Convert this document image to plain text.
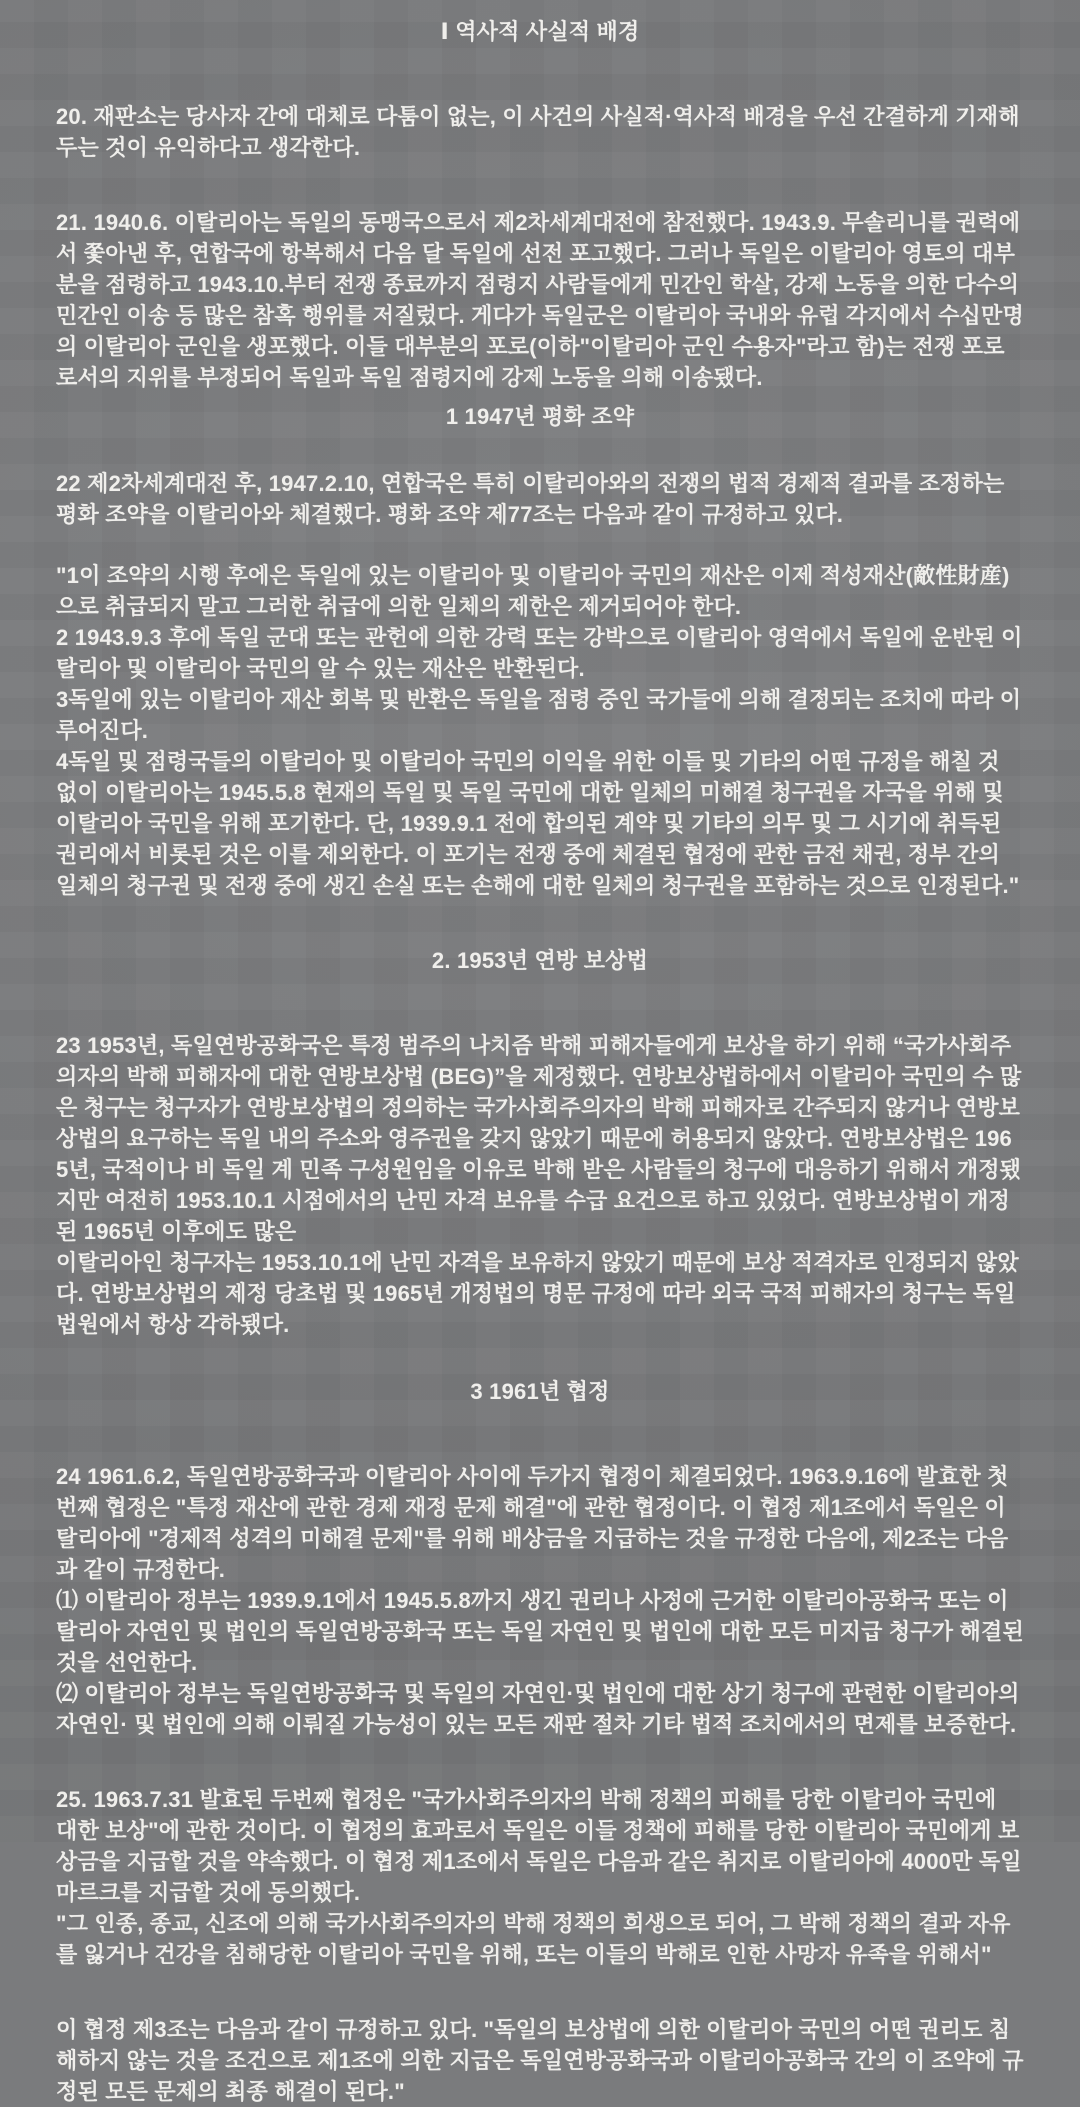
Ⅰ 역사적 사실적 배경
20. 재판소는 당사자 간에 대체로 다툼이 없는, 이 사건의 사실적·역사적 배경을 우선 간결하게 기재해두는 것이 유익하다고 생각한다.
21. 1940.6. 이탈리아는 독일의 동맹국으로서 제2차세계대전에 참전했다. 1943.9. 무솔리니를 권력에서 쫓아낸 후, 연합국에 항복해서 다음 달 독일에 선전 포고했다. 그러나 독일은 이탈리아 영토의 대부분을 점령하고 1943.10.부터 전쟁 종료까지 점령지 사람들에게 민간인 학살, 강제 노동을 의한 다수의 민간인 이송 등 많은 참혹 행위를 저질렀다. 게다가 독일군은 이탈리아 국내와 유럽 각지에서 수십만명의 이탈리아 군인을 생포했다. 이들 대부분의 포로(이하"이탈리아 군인 수용자"라고 함)는 전쟁 포로로서의 지위를 부정되어 독일과 독일 점령지에 강제 노동을 의해 이송됐다.
1 1947년 평화 조약
22 제2차세계대전 후, 1947.2.10, 연합국은 특히 이탈리아와의 전쟁의 법적 경제적 결과를 조정하는 평화 조약을 이탈리아와 체결했다. 평화 조약 제77조는 다음과 같이 규정하고 있다.
"1이 조약의 시행 후에은 독일에 있는 이탈리아 및 이탈리아 국민의 재산은 이제 적성재산(敵性財産)으로 취급되지 말고 그러한 취급에 의한 일체의 제한은 제거되어야 한다.
2 1943.9.3 후에 독일 군대 또는 관헌에 의한 강력 또는 강박으로 이탈리아 영역에서 독일에 운반된 이탈리아 및 이탈리아 국민의 알 수 있는 재산은 반환된다.
3독일에 있는 이탈리아 재산 회복 및 반환은 독일을 점령 중인 국가들에 의해 결정되는 조치에 따라 이루어진다.
4독일 및 점령국들의 이탈리아 및 이탈리아 국민의 이익을 위한 이들 및 기타의 어떤 규정을 해칠 것 없이 이탈리아는 1945.5.8 현재의 독일 및 독일 국민에 대한 일체의 미해결 청구권을 자국을 위해 및 이탈리아 국민을 위해 포기한다. 단, 1939.9.1 전에 합의된 계약 및 기타의 의무 및 그 시기에 취득된 권리에서 비롯된 것은 이를 제외한다. 이 포기는 전쟁 중에 체결된 협정에 관한 금전 채권, 정부 간의 일체의 청구권 및 전쟁 중에 생긴 손실 또는 손해에 대한 일체의 청구권을 포함하는 것으로 인정된다."
2. 1953년 연방 보상법
23 1953년, 독일연방공화국은 특정 범주의 나치즘 박해 피해자들에게 보상을 하기 위해 “국가사회주의자의 박해 피해자에 대한 연방보상법 (BEG)”을 제정했다. 연방보상법하에서 이탈리아 국민의 수 많은 청구는 청구자가 연방보상법의 정의하는 국가사회주의자의 박해 피해자로 간주되지 않거나 연방보상법의 요구하는 독일 내의 주소와 영주권을 갖지 않았기 때문에 허용되지 않았다. 연방보상법은 1965년, 국적이나 비 독일 계 민족 구성원임을 이유로 박해 받은 사람들의 청구에 대응하기 위해서 개정됐지만 여전히 1953.10.1 시점에서의 난민 자격 보유를 수급 요건으로 하고 있었다. 연방보상법이 개정된 1965년 이후에도 많은
이탈리아인 청구자는 1953.10.1에 난민 자격을 보유하지 않았기 때문에 보상 적격자로 인정되지 않았다. 연방보상법의 제정 당초법 및 1965년 개정법의 명문 규정에 따라 외국 국적 피해자의 청구는 독일 법원에서 항상 각하됐다.
3 1961년 협정
24 1961.6.2, 독일연방공화국과 이탈리아 사이에 두가지 협정이 체결되었다. 1963.9.16에 발효한 첫번째 협정은 "특정 재산에 관한 경제 재정 문제 해결"에 관한 협정이다. 이 협정 제1조에서 독일은 이탈리아에 "경제적 성격의 미해결 문제"를 위해 배상금을 지급하는 것을 규정한 다음에, 제2조는 다음과 같이 규정한다.
⑴ 이탈리아 정부는 1939.9.1에서 1945.5.8까지 생긴 권리나 사정에 근거한 이탈리아공화국 또는 이탈리아 자연인 및 법인의 독일연방공화국 또는 독일 자연인 및 법인에 대한 모든 미지급 청구가 해결된 것을 선언한다.
⑵ 이탈리아 정부는 독일연방공화국 및 독일의 자연인·및 법인에 대한 상기 청구에 관련한 이탈리아의 자연인· 및 법인에 의해 이뤄질 가능성이 있는 모든 재판 절차 기타 법적 조치에서의 면제를 보증한다.
25. 1963.7.31 발효된 두번째 협정은 "국가사회주의자의 박해 정책의 피해를 당한 이탈리아 국민에 대한 보상"에 관한 것이다. 이 협정의 효과로서 독일은 이들 정책에 피해를 당한 이탈리아 국민에게 보상금을 지급할 것을 약속했다. 이 협정 제1조에서 독일은 다음과 같은 취지로 이탈리아에 4000만 독일 마르크를 지급할 것에 동의했다.
"그 인종, 종교, 신조에 의해 국가사회주의자의 박해 정책의 희생으로 되어, 그 박해 정책의 결과 자유를 잃거나 건강을 침해당한 이탈리아 국민을 위해, 또는 이들의 박해로 인한 사망자 유족을 위해서"
이 협정 제3조는 다음과 같이 규정하고 있다. "독일의 보상법에 의한 이탈리아 국민의 어떤 권리도 침해하지 않는 것을 조건으로 제1조에 의한 지급은 독일연방공화국과 이탈리아공화국 간의 이 조약에 규정된 모든 문제의 최종 해결이 된다."
